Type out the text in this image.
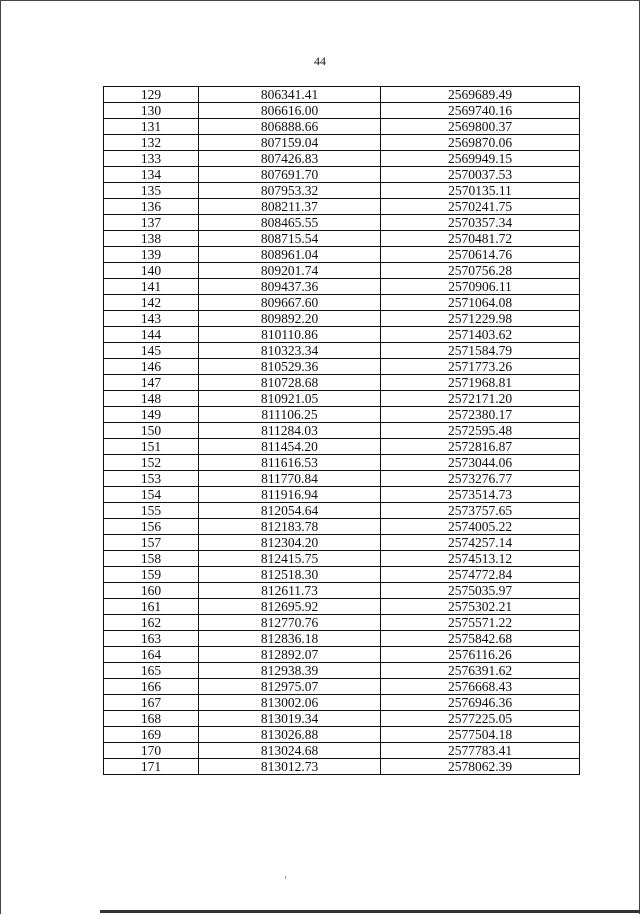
44
129	806341.41	2569689.49
130	806616.00	2569740.16
131	806888.66	2569800.37
132	807159.04	2569870.06
133	807426.83	2569949.15
134	807691.70	2570037.53
135	807953.32	2570135.11
136	808211.37	2570241.75
137	808465.55	2570357.34
138	808715.54	2570481.72
139	808961.04	2570614.76
140	809201.74	2570756.28
141	809437.36	2570906.11
142	809667.60	2571064.08
143	809892.20	2571229.98
144	810110.86	2571403.62
145	810323.34	2571584.79
146	810529.36	2571773.26
147	810728.68	2571968.81
148	810921.05	2572171.20
149	811106.25	2572380.17
150	811284.03	2572595.48
151	811454.20	2572816.87
152	811616.53	2573044.06
153	811770.84	2573276.77
154	811916.94	2573514.73
155	812054.64	2573757.65
156	812183.78	2574005.22
157	812304.20	2574257.14
158	812415.75	2574513.12
159	812518.30	2574772.84
160	812611.73	2575035.97
161	812695.92	2575302.21
162	812770.76	2575571.22
163	812836.18	2575842.68
164	812892.07	2576116.26
165	812938.39	2576391.62
166	812975.07	2576668.43
167	813002.06	2576946.36
168	813019.34	2577225.05
169	813026.88	2577504.18
170	813024.68	2577783.41
171	813012.73	2578062.39
